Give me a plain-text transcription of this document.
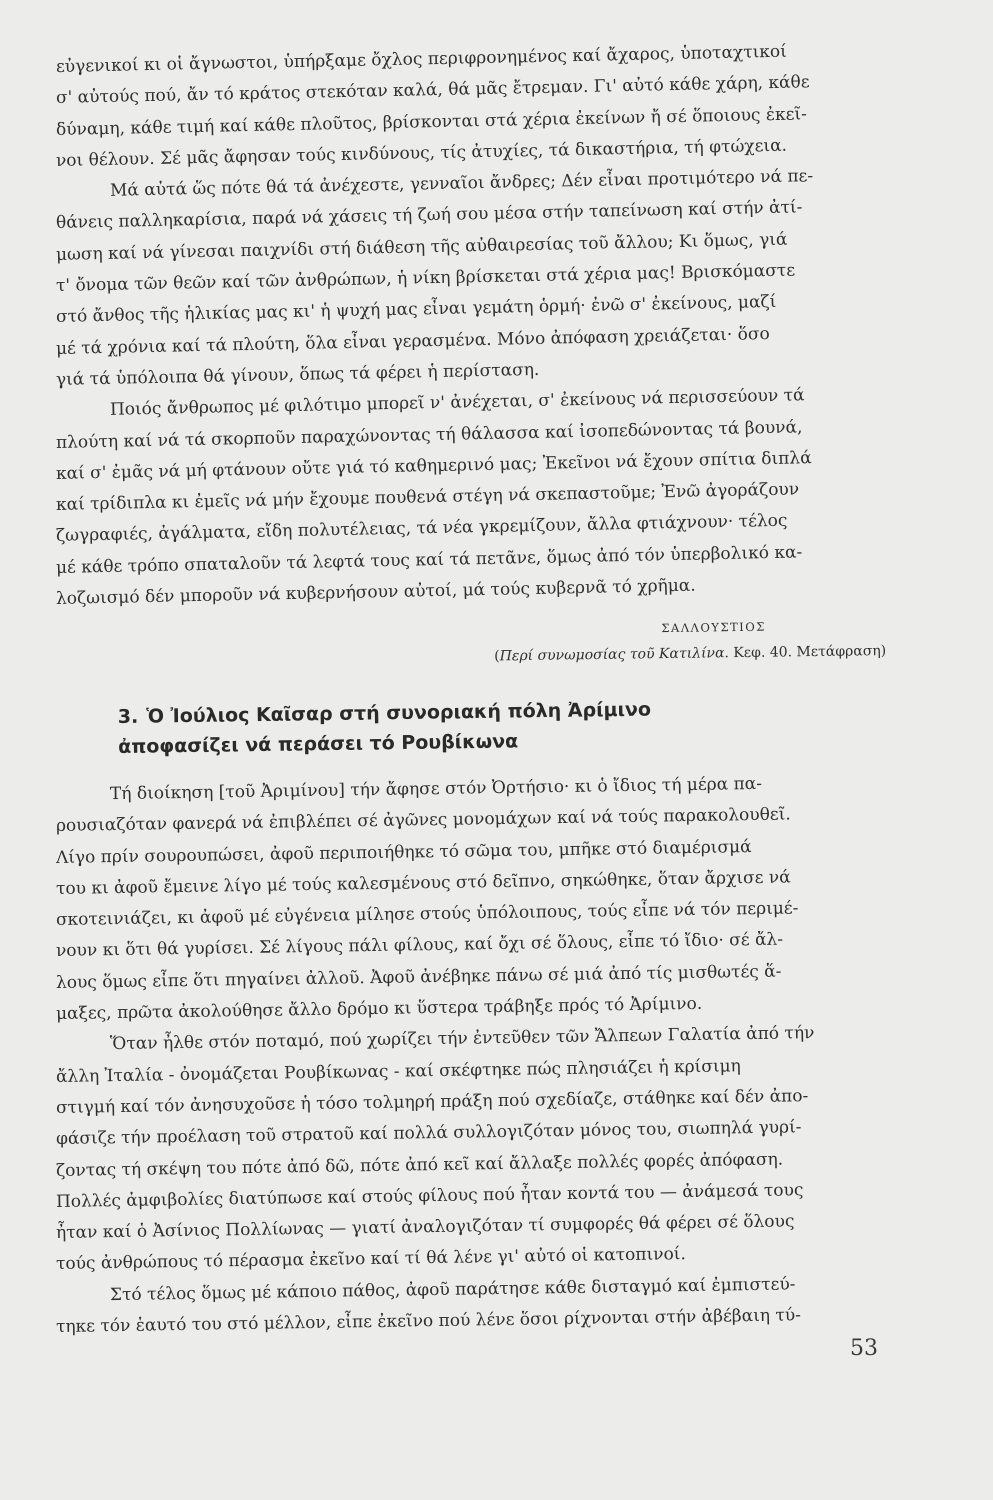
εὐγενικοί κι οἱ ἄγνωστοι, ὑπήρξαμε ὄχλος περιφρονημένος καί ἄχαρος, ὑποταχτικοί
σ' αὐτούς πού, ἄν τό κράτος στεκόταν καλά, θά μᾶς ἔτρεμαν. Γι' αὐτό κάθε χάρη, κάθε
δύναμη, κάθε τιμή καί κάθε πλοῦτος, βρίσκονται στά χέρια ἐκείνων ἤ σέ ὅποιους ἐκεῖ-
νοι θέλουν. Σέ μᾶς ἄφησαν τούς κινδύνους, τίς ἀτυχίες, τά δικαστήρια, τή φτώχεια.
Μά αὐτά ὥς πότε θά τά ἀνέχεστε, γενναῖοι ἄνδρες; Δέν εἶναι προτιμότερο νά πε-
θάνεις παλληκαρίσια, παρά νά χάσεις τή ζωή σου μέσα στήν ταπείνωση καί στήν ἀτί-
μωση καί νά γίνεσαι παιχνίδι στή διάθεση τῆς αὐθαιρεσίας τοῦ ἄλλου; Κι ὅμως, γιά
τ' ὄνομα τῶν θεῶν καί τῶν ἀνθρώπων, ἡ νίκη βρίσκεται στά χέρια μας! Βρισκόμαστε
στό ἄνθος τῆς ἡλικίας μας κι' ἡ ψυχή μας εἶναι γεμάτη ὁρμή· ἐνῶ σ' ἐκείνους, μαζί
μέ τά χρόνια καί τά πλούτη, ὅλα εἶναι γερασμένα. Μόνο ἀπόφαση χρειάζεται· ὅσο
γιά τά ὑπόλοιπα θά γίνουν, ὅπως τά φέρει ἡ περίσταση.
Ποιός ἄνθρωπος μέ φιλότιμο μπορεῖ ν' ἀνέχεται, σ' ἐκείνους νά περισσεύουν τά
πλούτη καί νά τά σκορποῦν παραχώνοντας τή θάλασσα καί ἰσοπεδώνοντας τά βουνά,
καί σ' ἐμᾶς νά μή φτάνουν οὔτε γιά τό καθημερινό μας; Ἐκεῖνοι νά ἔχουν σπίτια διπλά
καί τρίδιπλα κι ἐμεῖς νά μήν ἔχουμε πουθενά στέγη νά σκεπαστοῦμε; Ἐνῶ ἀγοράζουν
ζωγραφιές, ἀγάλματα, εἴδη πολυτέλειας, τά νέα γκρεμίζουν, ἄλλα φτιάχνουν· τέλος
μέ κάθε τρόπο σπαταλοῦν τά λεφτά τους καί τά πετᾶνε, ὅμως ἀπό τόν ὑπερβολικό κα-
λοζωισμό δέν μποροῦν νά κυβερνήσουν αὐτοί, μά τούς κυβερνᾶ τό χρῆμα.
ΣΑΛΛΟΥΣΤΙΟΣ
(Περί συνωμοσίας τοῦ Κατιλίνα. Κεφ. 40. Μετάφραση)
3. Ὁ Ἰούλιος Καῖσαρ στή συνοριακή πόλη Ἀρίμινο
ἀποφασίζει νά περάσει τό Ρουβίκωνα
Τή διοίκηση [τοῦ Ἀριμίνου] τήν ἄφησε στόν Ὀρτήσιο· κι ὁ ἴδιος τή μέρα πα-
ρουσιαζόταν φανερά νά ἐπιβλέπει σέ ἀγῶνες μονομάχων καί νά τούς παρακολουθεῖ.
Λίγο πρίν σουρουπώσει, ἀφοῦ περιποιήθηκε τό σῶμα του, μπῆκε στό διαμέρισμά
του κι ἀφοῦ ἔμεινε λίγο μέ τούς καλεσμένους στό δεῖπνο, σηκώθηκε, ὅταν ἄρχισε νά
σκοτεινιάζει, κι ἀφοῦ μέ εὐγένεια μίλησε στούς ὑπόλοιπους, τούς εἶπε νά τόν περιμέ-
νουν κι ὅτι θά γυρίσει. Σέ λίγους πάλι φίλους, καί ὄχι σέ ὅλους, εἶπε τό ἴδιο· σέ ἄλ-
λους ὅμως εἶπε ὅτι πηγαίνει ἀλλοῦ. Ἀφοῦ ἀνέβηκε πάνω σέ μιά ἀπό τίς μισθωτές ἅ-
μαξες, πρῶτα ἀκολούθησε ἄλλο δρόμο κι ὕστερα τράβηξε πρός τό Ἀρίμινο.
Ὅταν ἦλθε στόν ποταμό, πού χωρίζει τήν ἐντεῦθεν τῶν Ἄλπεων Γαλατία ἀπό τήν
ἄλλη Ἰταλία - ὀνομάζεται Ρουβίκωνας - καί σκέφτηκε πώς πλησιάζει ἡ κρίσιμη
στιγμή καί τόν ἀνησυχοῦσε ἡ τόσο τολμηρή πράξη πού σχεδίαζε, στάθηκε καί δέν ἀπο-
φάσιζε τήν προέλαση τοῦ στρατοῦ καί πολλά συλλογιζόταν μόνος του, σιωπηλά γυρί-
ζοντας τή σκέψη του πότε ἀπό δῶ, πότε ἀπό κεῖ καί ἄλλαξε πολλές φορές ἀπόφαση.
Πολλές ἀμφιβολίες διατύπωσε καί στούς φίλους πού ἦταν κοντά του — ἀνάμεσά τους
ἦταν καί ὁ Ἀσίνιος Πολλίωνας — γιατί ἀναλογιζόταν τί συμφορές θά φέρει σέ ὅλους
τούς ἀνθρώπους τό πέρασμα ἐκεῖνο καί τί θά λένε γι' αὐτό οἱ κατοπινοί.
Στό τέλος ὅμως μέ κάποιο πάθος, ἀφοῦ παράτησε κάθε δισταγμό καί ἐμπιστεύ-
τηκε τόν ἑαυτό του στό μέλλον, εἶπε ἐκεῖνο πού λένε ὅσοι ρίχνονται στήν ἀβέβαιη τύ-
53
